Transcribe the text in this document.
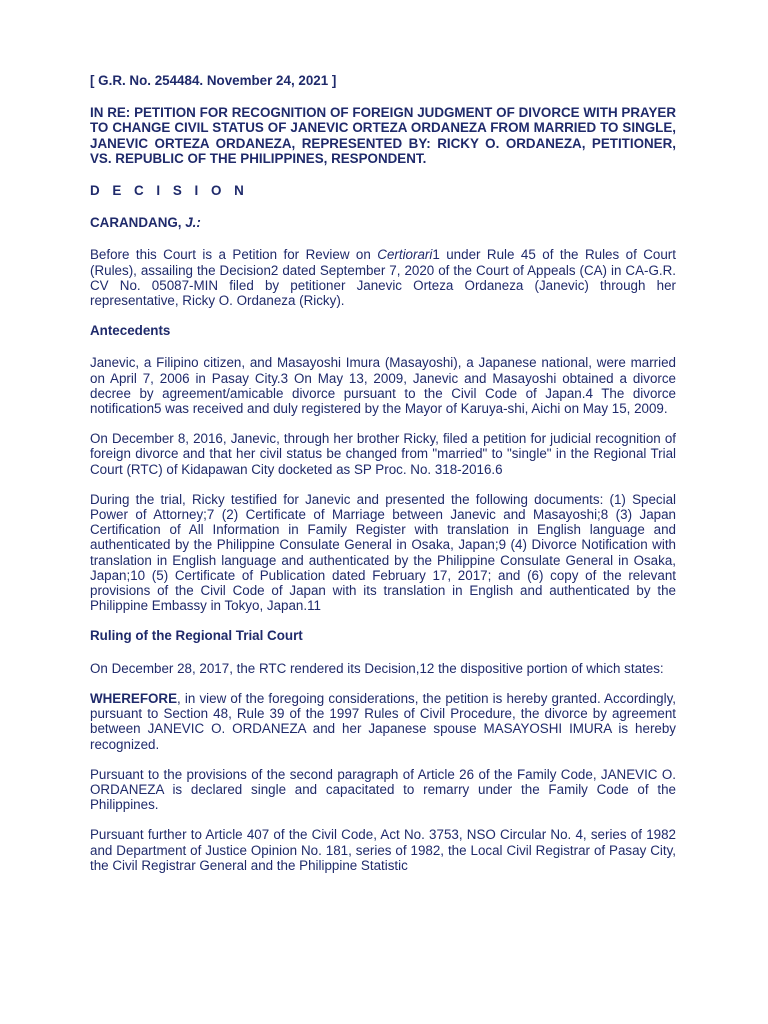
[ G.R. No. 254484. November 24, 2021 ]

IN RE: PETITION FOR RECOGNITION OF FOREIGN JUDGMENT OF DIVORCE WITH PRAYER TO CHANGE CIVIL STATUS OF JANEVIC ORTEZA ORDANEZA FROM MARRIED TO SINGLE, JANEVIC ORTEZA ORDANEZA, REPRESENTED BY: RICKY O. ORDANEZA, PETITIONER, VS. REPUBLIC OF THE PHILIPPINES, RESPONDENT.

D E C I S I O N

CARANDANG, J.:

Before this Court is a Petition for Review on Certiorari1 under Rule 45 of the Rules of Court (Rules), assailing the Decision2 dated September 7, 2020 of the Court of Appeals (CA) in CA-G.R. CV No. 05087-MIN filed by petitioner Janevic Orteza Ordaneza (Janevic) through her representative, Ricky O. Ordaneza (Ricky).

Antecedents

Janevic, a Filipino citizen, and Masayoshi Imura (Masayoshi), a Japanese national, were married on April 7, 2006 in Pasay City.3 On May 13, 2009, Janevic and Masayoshi obtained a divorce decree by agreement/amicable divorce pursuant to the Civil Code of Japan.4 The divorce notification5 was received and duly registered by the Mayor of Karuya-shi, Aichi on May 15, 2009.

On December 8, 2016, Janevic, through her brother Ricky, filed a petition for judicial recognition of foreign divorce and that her civil status be changed from "married" to "single" in the Regional Trial Court (RTC) of Kidapawan City docketed as SP Proc. No. 318-2016.6

During the trial, Ricky testified for Janevic and presented the following documents: (1) Special Power of Attorney;7 (2) Certificate of Marriage between Janevic and Masayoshi;8 (3) Japan Certification of All Information in Family Register with translation in English language and authenticated by the Philippine Consulate General in Osaka, Japan;9 (4) Divorce Notification with translation in English language and authenticated by the Philippine Consulate General in Osaka, Japan;10 (5) Certificate of Publication dated February 17, 2017; and (6) copy of the relevant provisions of the Civil Code of Japan with its translation in English and authenticated by the Philippine Embassy in Tokyo, Japan.11

Ruling of the Regional Trial Court

On December 28, 2017, the RTC rendered its Decision,12 the dispositive portion of which states:

WHEREFORE, in view of the foregoing considerations, the petition is hereby granted. Accordingly, pursuant to Section 48, Rule 39 of the 1997 Rules of Civil Procedure, the divorce by agreement between JANEVIC O. ORDANEZA and her Japanese spouse MASAYOSHI IMURA is hereby recognized.

Pursuant to the provisions of the second paragraph of Article 26 of the Family Code, JANEVIC O. ORDANEZA is declared single and capacitated to remarry under the Family Code of the Philippines.

Pursuant further to Article 407 of the Civil Code, Act No. 3753, NSO Circular No. 4, series of 1982 and Department of Justice Opinion No. 181, series of 1982, the Local Civil Registrar of Pasay City, the Civil Registrar General and the Philippine Statistic
